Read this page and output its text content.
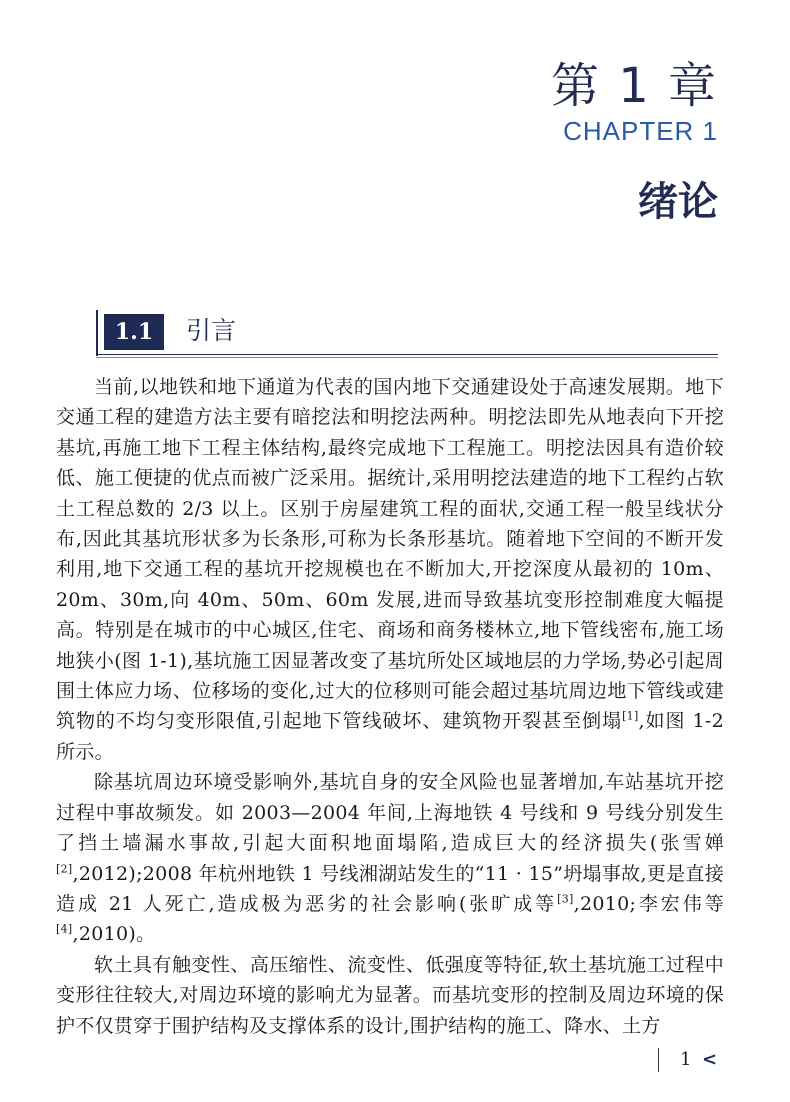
第 1 章
CHAPTER 1
绪论
1.1	引言

当前,以地铁和地下通道为代表的国内地下交通建设处于高速发展期。地下交通工程的建造方法主要有暗挖法和明挖法两种。明挖法即先从地表向下开挖基坑,再施工地下工程主体结构,最终完成地下工程施工。明挖法因具有造价较低、施工便捷的优点而被广泛采用。据统计,采用明挖法建造的地下工程约占软土工程总数的 2/3 以上。区别于房屋建筑工程的面状,交通工程一般呈线状分布,因此其基坑形状多为长条形,可称为长条形基坑。随着地下空间的不断开发利用,地下交通工程的基坑开挖规模也在不断加大,开挖深度从最初的 10m、20m、30m,向 40m、50m、60m 发展,进而导致基坑变形控制难度大幅提高。特别是在城市的中心城区,住宅、商场和商务楼林立,地下管线密布,施工场地狭小(图 1-1),基坑施工因显著改变了基坑所处区域地层的力学场,势必引起周围土体应力场、位移场的变化,过大的位移则可能会超过基坑周边地下管线或建筑物的不均匀变形限值,引起地下管线破坏、建筑物开裂甚至倒塌[1],如图 1-2 所示。

除基坑周边环境受影响外,基坑自身的安全风险也显著增加,车站基坑开挖过程中事故频发。如 2003—2004 年间,上海地铁 4 号线和 9 号线分别发生了挡土墙漏水事故,引起大面积地面塌陷,造成巨大的经济损失(张雪婵[2],2012);2008 年杭州地铁 1 号线湘湖站发生的“11 · 15”坍塌事故,更是直接造成 21 人死亡,造成极为恶劣的社会影响(张旷成等[3],2010;李宏伟等[4],2010)。

软土具有触变性、高压缩性、流变性、低强度等特征,软土基坑施工过程中变形往往较大,对周边环境的影响尤为显著。而基坑变形的控制及周边环境的保护不仅贯穿于围护结构及支撑体系的设计,围护结构的施工、降水、土方

1 <
